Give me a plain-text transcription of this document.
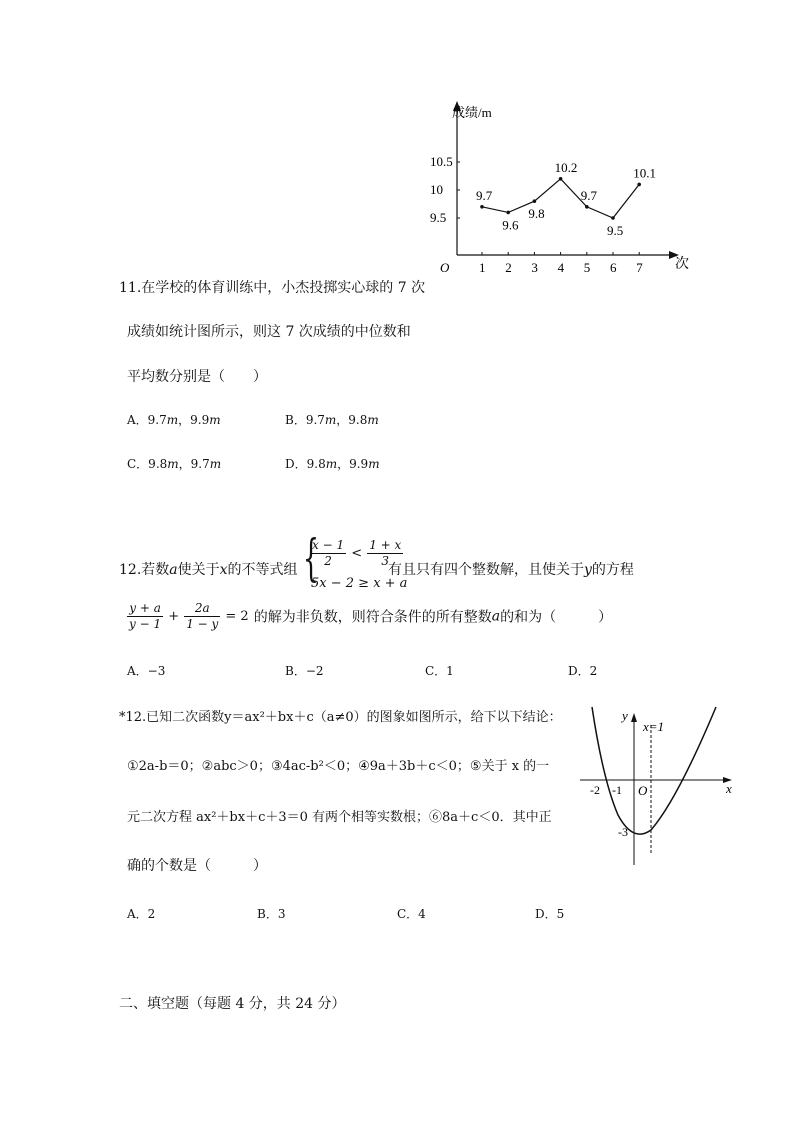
成绩/m
次
O 1 2 3 4 5 6 7
10.5
10
9.5
9.7
9.6
9.8
10.2
9.7
9.5
10.1
11.在学校的体育训练中，小杰投掷实心球的 7 次
成绩如统计图所示，则这 7 次成绩的中位数和
平均数分别是（　　）
A．9.7m，9.9m	B．9.7m，9.8m
C．9.8m，9.7m	D．9.8m，9.9m
12.若数a使关于x的不等式组 {
$\frac{x - 1}{2} < \frac{1 + x}{3}$
5x − 2 ≥ x + a
有且只有四个整数解，且使关于y的方程
$\frac{y + a}{y - 1} + \frac{2a}{1 - y} = 2$ 的解为非负数，则符合条件的所有整数a的和为（　　　）
A．−3	B．−2	C．1	D．2
*12.已知二次函数y＝ax²＋bx＋c（a≠0）的图象如图所示，给下以下结论：
①2a-b＝0；②abc＞0；③4ac-b²＜0；④9a＋3b＋c＜0；⑤关于 x 的一
元二次方程 ax²＋bx＋c＋3＝0 有两个相等实数根；⑥8a＋c＜0．其中正
确的个数是（　　　）
A．2	B．3	C．4	D．5
y
x
x=1
O
-2 -1
-3
二、填空题（每题 4 分，共 24 分）
